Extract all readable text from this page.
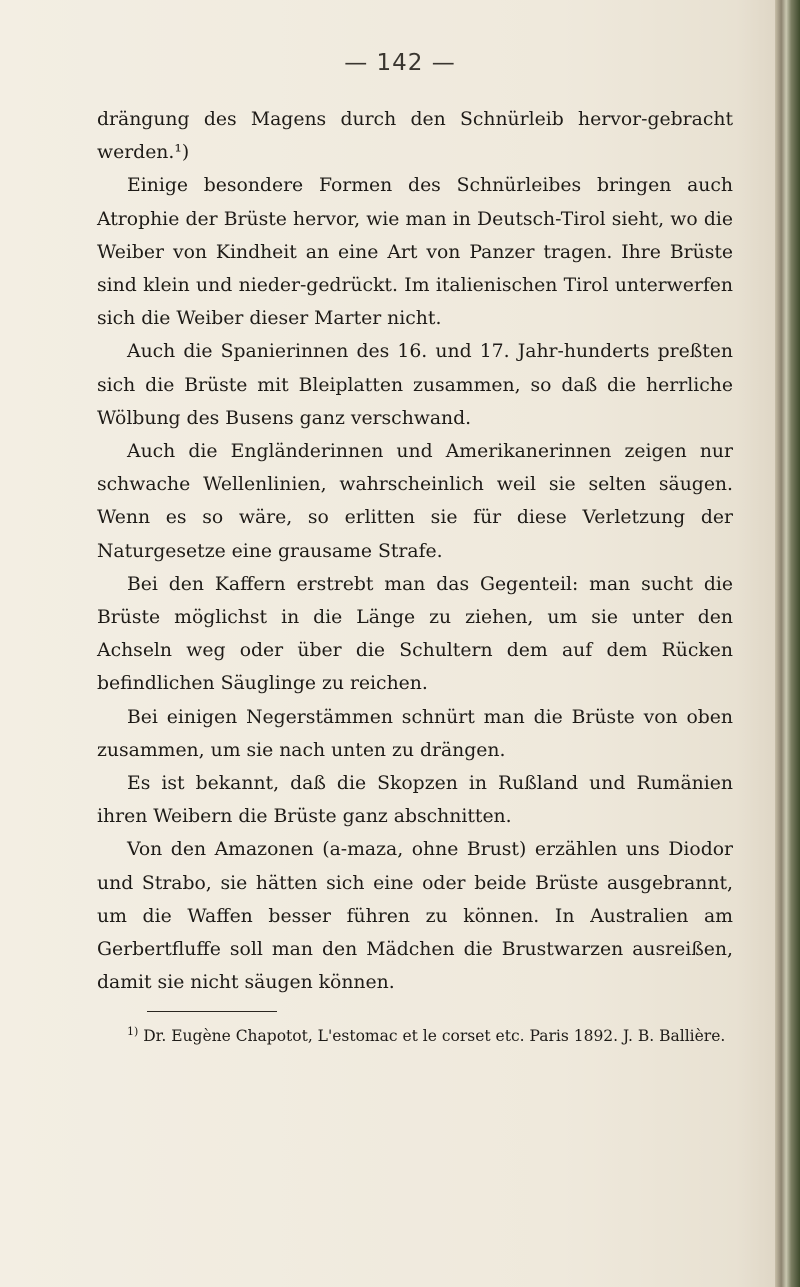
— 142 —

drängung des Magens durch den Schnürleib hervor-gebracht werden.¹)

Einige besondere Formen des Schnürleibes bringen auch Atrophie der Brüste hervor, wie man in Deutsch-Tirol sieht, wo die Weiber von Kindheit an eine Art von Panzer tragen. Ihre Brüste sind klein und nieder-gedrückt. Im italienischen Tirol unterwerfen sich die Weiber dieser Marter nicht.

Auch die Spanierinnen des 16. und 17. Jahr-hunderts preßten sich die Brüste mit Bleiplatten zusammen, so daß die herrliche Wölbung des Busens ganz verschwand.

Auch die Engländerinnen und Amerikanerinnen zeigen nur schwache Wellenlinien, wahrscheinlich weil sie selten säugen. Wenn es so wäre, so erlitten sie für diese Verletzung der Naturgesetze eine grausame Strafe.

Bei den Kaffern erstrebt man das Gegenteil: man sucht die Brüste möglichst in die Länge zu ziehen, um sie unter den Achseln weg oder über die Schultern dem auf dem Rücken befindlichen Säuglinge zu reichen.

Bei einigen Negerstämmen schnürt man die Brüste von oben zusammen, um sie nach unten zu drängen.

Es ist bekannt, daß die Skopzen in Rußland und Rumänien ihren Weibern die Brüste ganz abschnitten.

Von den Amazonen (a-maza, ohne Brust) erzählen uns Diodor und Strabo, sie hätten sich eine oder beide Brüste ausgebrannt, um die Waffen besser führen zu können. In Australien am Gerbertfluffe soll man den Mädchen die Brustwarzen ausreißen, damit sie nicht säugen können.

$^{1)}$ Dr. Eugène Chapotot, L'estomac et le corset etc. Paris 1892. J. B. Ballière.
